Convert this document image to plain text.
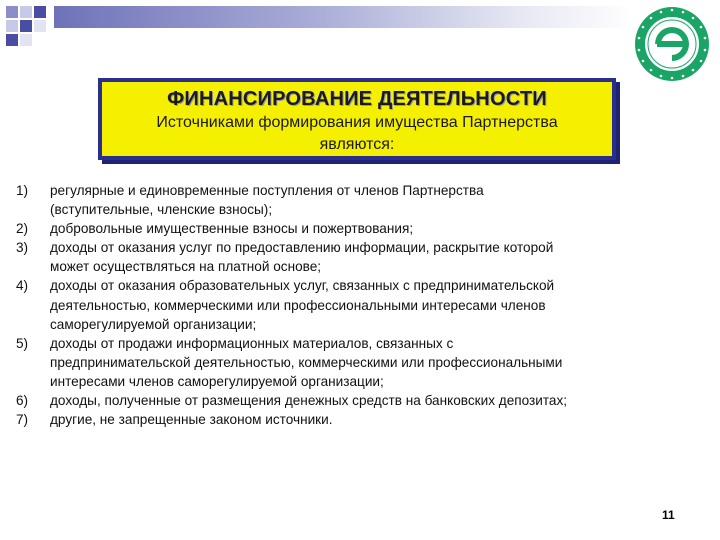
ФИНАНСИРОВАНИЕ ДЕЯТЕЛЬНОСТИ
Источниками формирования имущества Партнерства
являются:
1)	регулярные и единовременные поступления от членов Партнерства
(вступительные, членские взносы);
2)	добровольные имущественные взносы и пожертвования;
3)	доходы от оказания услуг по предоставлению информации, раскрытие которой
может осуществляться на платной основе;
4)	доходы от оказания образовательных услуг, связанных с предпринимательской
деятельностью, коммерческими или профессиональными интересами членов
саморегулируемой организации;
5)	доходы от продажи информационных материалов, связанных с
предпринимательской деятельностью, коммерческими или профессиональными
интересами членов саморегулируемой организации;
6)	доходы, полученные от размещения денежных средств на банковских депозитах;
7)	другие, не запрещенные законом источники.
11
